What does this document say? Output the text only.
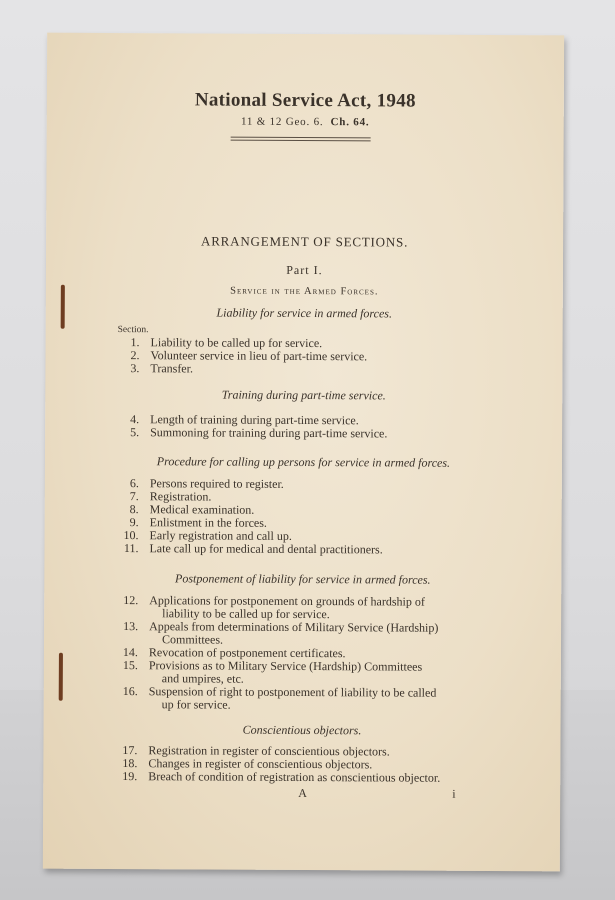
National Service Act, 1948
11 & 12 Geo. 6. Ch. 64.
ARRANGEMENT OF SECTIONS.
Part I.
Service in the Armed Forces.
Section.
Liability for service in armed forces.
Training during part-time service.
Procedure for calling up persons for service in armed forces.
Postponement of liability for service in armed forces.
Conscientious objectors.
1. Liability to be called up for service.
2. Volunteer service in lieu of part-time service.
3. Transfer.
4. Length of training during part-time service.
5. Summoning for training during part-time service.
6. Persons required to register.
7. Registration.
8. Medical examination.
9. Enlistment in the forces.
10. Early registration and call up.
11. Late call up for medical and dental practitioners.
12. Applications for postponement on grounds of hardship of
liability to be called up for service.
13. Appeals from determinations of Military Service (Hardship)
Committees.
14. Revocation of postponement certificates.
15. Provisions as to Military Service (Hardship) Committees
and umpires, etc.
16. Suspension of right to postponement of liability to be called
up for service.
17. Registration in register of conscientious objectors.
18. Changes in register of conscientious objectors.
19. Breach of condition of registration as conscientious objector.
A	i
